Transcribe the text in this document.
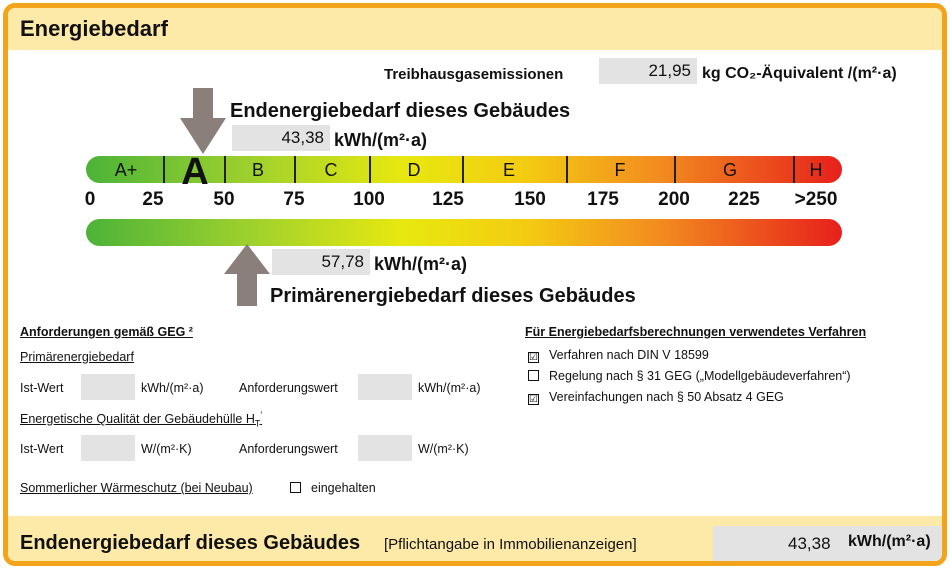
Energiebedarf
Treibhausgasemissionen	21,95 kg CO₂-Äquivalent /(m²·a)
Endenergiebedarf dieses Gebäudes
43,38 kWh/(m²·a)
A+ A B	C	D	E	F	G	H
0 25	50	75	100 125	150 175 200 225 >250
57,78 kWh/(m²·a)
Primärenergiebedarf dieses Gebäudes
Anforderungen gemäß GEG ²
Primärenergiebedarf
Ist-Wert	kWh/(m²·a)	Anforderungswert	kWh/(m²·a)
Energetische Qualität der Gebäudehülle $H_T'$
Ist-Wert	W/(m²·K)	Anforderungswert	W/(m²·K)
Sommerlicher Wärmeschutz (bei Neubau)	eingehalten
Für Energiebedarfsberechnungen verwendetes Verfahren
☑ Verfahren nach DIN V 18599
Regelung nach § 31 GEG („Modellgebäudeverfahren“)
☑ Vereinfachungen nach § 50 Absatz 4 GEG
Endenergiebedarf dieses Gebäudes [Pflichtangabe in Immobilienanzeigen]	43,38 kWh/(m²·a)
